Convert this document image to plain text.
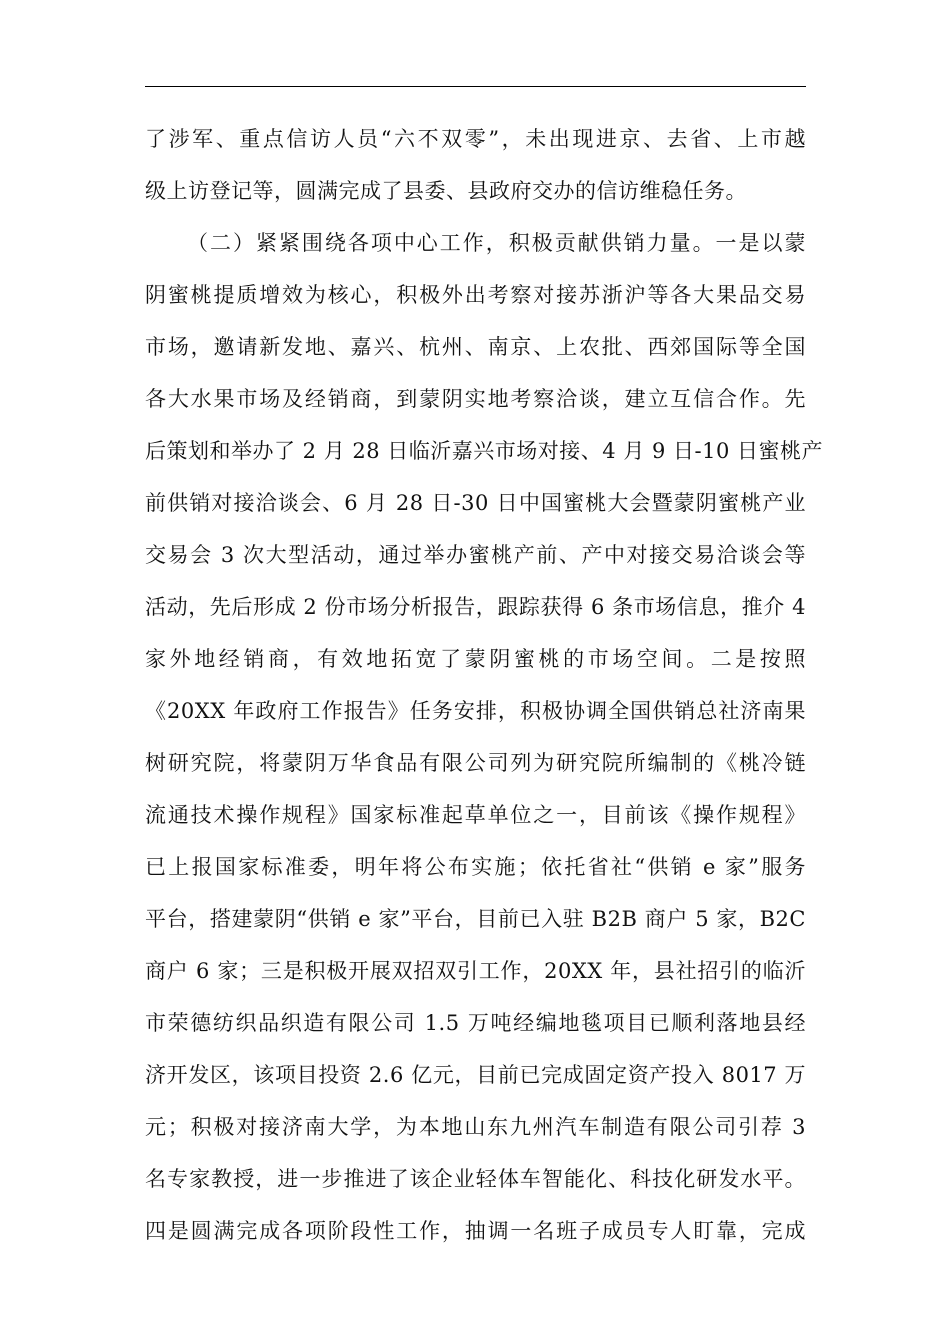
了涉军、重点信访人员“六不双零”，未出现进京、去省、上市越
级上访登记等，圆满完成了县委、县政府交办的信访维稳任务。
（二）紧紧围绕各项中心工作，积极贡献供销力量。一是以蒙
阴蜜桃提质增效为核心，积极外出考察对接苏浙沪等各大果品交易
市场，邀请新发地、嘉兴、杭州、南京、上农批、西郊国际等全国
各大水果市场及经销商，到蒙阴实地考察洽谈，建立互信合作。先
后策划和举办了 2 月 28 日临沂嘉兴市场对接、4 月 9 日-10 日蜜桃产
前供销对接洽谈会、6 月 28 日-30 日中国蜜桃大会暨蒙阴蜜桃产业
交易会 3 次大型活动，通过举办蜜桃产前、产中对接交易洽谈会等
活动，先后形成 2 份市场分析报告，跟踪获得 6 条市场信息，推介 4
家外地经销商，有效地拓宽了蒙阴蜜桃的市场空间。二是按照
《20XX 年政府工作报告》任务安排，积极协调全国供销总社济南果
树研究院，将蒙阴万华食品有限公司列为研究院所编制的《桃冷链
流通技术操作规程》国家标准起草单位之一，目前该《操作规程》
已上报国家标准委，明年将公布实施；依托省社“供销 e 家”服务
平台，搭建蒙阴“供销 e 家”平台，目前已入驻 B2B 商户 5 家，B2C
商户 6 家；三是积极开展双招双引工作，20XX 年，县社招引的临沂
市荣德纺织品织造有限公司 1.5 万吨经编地毯项目已顺利落地县经
济开发区，该项目投资 2.6 亿元，目前已完成固定资产投入 8017 万
元；积极对接济南大学，为本地山东九州汽车制造有限公司引荐 3
名专家教授，进一步推进了该企业轻体车智能化、科技化研发水平。
四是圆满完成各项阶段性工作，抽调一名班子成员专人盯靠，完成
